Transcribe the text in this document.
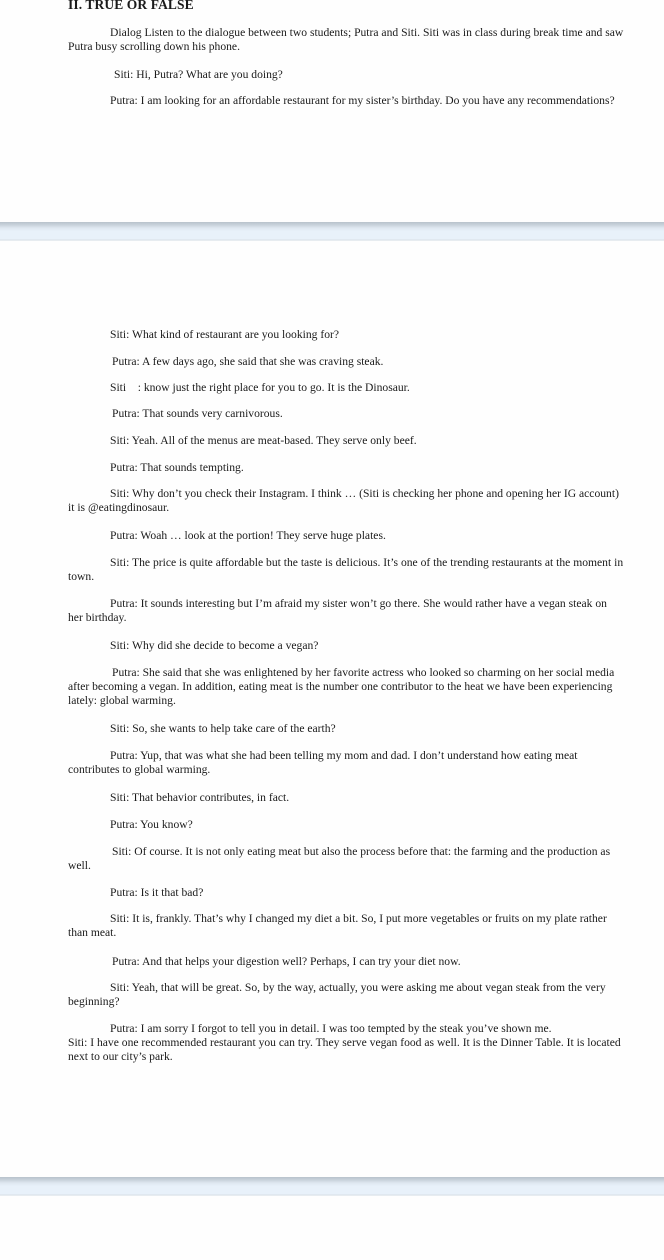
II. TRUE OR FALSE
Dialog Listen to the dialogue between two students; Putra and Siti. Siti was in class during break time and saw Putra busy scrolling down his phone.
Siti: Hi, Putra? What are you doing?
Putra: I am looking for an affordable restaurant for my sister’s birthday. Do you have any recommendations?
Siti: What kind of restaurant are you looking for?
Putra: A few days ago, she said that she was craving steak.
Siti    : know just the right place for you to go. It is the Dinosaur.
Putra: That sounds very carnivorous.
Siti: Yeah. All of the menus are meat-based. They serve only beef.
Putra: That sounds tempting.
Siti: Why don’t you check their Instagram. I think … (Siti is checking her phone and opening her IG account) it is @eatingdinosaur.
Putra: Woah … look at the portion! They serve huge plates.
Siti: The price is quite affordable but the taste is delicious. It’s one of the trending restaurants at the moment in town.
Putra: It sounds interesting but I’m afraid my sister won’t go there. She would rather have a vegan steak on her birthday.
Siti: Why did she decide to become a vegan?
Putra: She said that she was enlightened by her favorite actress who looked so charming on her social media after becoming a vegan. In addition, eating meat is the number one contributor to the heat we have been experiencing lately: global warming.
Siti: So, she wants to help take care of the earth?
Putra: Yup, that was what she had been telling my mom and dad. I don’t understand how eating meat contributes to global warming.
Siti: That behavior contributes, in fact.
Putra: You know?
Siti: Of course. It is not only eating meat but also the process before that: the farming and the production as well.
Putra: Is it that bad?
Siti: It is, frankly. That’s why I changed my diet a bit. So, I put more vegetables or fruits on my plate rather than meat.
Putra: And that helps your digestion well? Perhaps, I can try your diet now.
Siti: Yeah, that will be great. So, by the way, actually, you were asking me about vegan steak from the very beginning?
Putra: I am sorry I forgot to tell you in detail. I was too tempted by the steak you’ve shown me.
Siti: I have one recommended restaurant you can try. They serve vegan food as well. It is the Dinner Table. It is located next to our city’s park.
